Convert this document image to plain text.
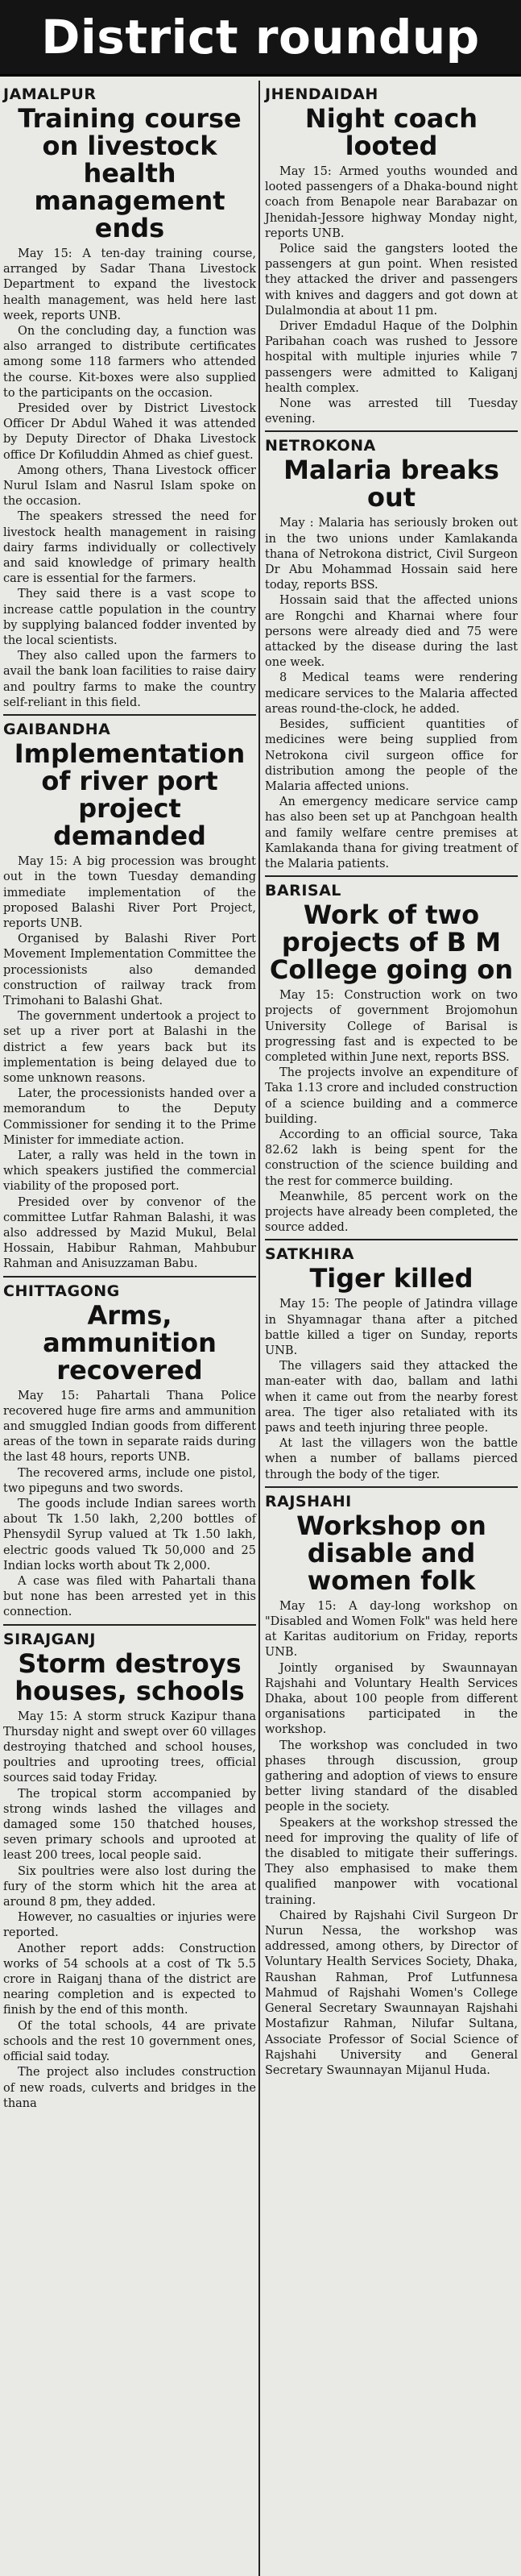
District roundup
JAMALPUR
Training course on livestock health management ends

May 15: A ten-day training course, arranged by Sadar Thana Livestock Department to expand the livestock health management, was held here last week, reports UNB.

On the concluding day, a function was also arranged to distribute certificates among some 118 farmers who attended the course. Kit-boxes were also supplied to the participants on the occasion.

Presided over by District Livestock Officer Dr Abdul Wahed it was attended by Deputy Director of Dhaka Livestock office Dr Kofiluddin Ahmed as chief guest.

Among others, Thana Livestock officer Nurul Islam and Nasrul Islam spoke on the occasion.

The speakers stressed the need for livestock health management in raising dairy farms individually or collectively and said knowledge of primary health care is essential for the farmers.

They said there is a vast scope to increase cattle population in the country by supplying balanced fodder invented by the local scientists.

They also called upon the farmers to avail the bank loan facilities to raise dairy and poultry farms to make the country self-reliant in this field.

GAIBANDHA
Implementation of river port project demanded

May 15: A big procession was brought out in the town Tuesday demanding immediate implementation of the proposed Balashi River Port Project, reports UNB.

Organised by Balashi River Port Movement Implementation Committee the processionists also demanded construction of railway track from Trimohani to Balashi Ghat.

The government undertook a project to set up a river port at Balashi in the district a few years back but its implementation is being delayed due to some unknown reasons.

Later, the processionists handed over a memorandum to the Deputy Commissioner for sending it to the Prime Minister for immediate action.

Later, a rally was held in the town in which speakers justified the commercial viability of the proposed port.

Presided over by convenor of the committee Lutfar Rahman Balashi, it was also addressed by Mazid Mukul, Belal Hossain, Habibur Rahman, Mahbubur Rahman and Anisuzzaman Babu.

CHITTAGONG
Arms, ammunition recovered

May 15: Pahartali Thana Police recovered huge fire arms and ammunition and smuggled Indian goods from different areas of the town in separate raids during the last 48 hours, reports UNB.

The recovered arms, include one pistol, two pipeguns and two swords.

The goods include Indian sarees worth about Tk 1.50 lakh, 2,200 bottles of Phensydil Syrup valued at Tk 1.50 lakh, electric goods valued Tk 50,000 and 25 Indian locks worth about Tk 2,000.

A case was filed with Pahartali thana but none has been arrested yet in this connection.

SIRAJGANJ
Storm destroys houses, schools

May 15: A storm struck Kazipur thana Thursday night and swept over 60 villages destroying thatched and school houses, poultries and uprooting trees, official sources said today Friday.

The tropical storm accompanied by strong winds lashed the villages and damaged some 150 thatched houses, seven primary schools and uprooted at least 200 trees, local people said.

Six poultries were also lost during the fury of the storm which hit the area at around 8 pm, they added.

However, no casualties or injuries were reported.

Another report adds: Construction works of 54 schools at a cost of Tk 5.5 crore in Raiganj thana of the district are nearing completion and is expected to finish by the end of this month.

Of the total schools, 44 are private schools and the rest 10 government ones, official said today.

The project also includes construction of new roads, culverts and bridges in the thana

JHENDAIDAH
Night coach looted

May 15: Armed youths wounded and looted passengers of a Dhaka-bound night coach from Benapole near Barabazar on Jhenidah-Jessore highway Monday night, reports UNB.

Police said the gangsters looted the passengers at gun point. When resisted they attacked the driver and passengers with knives and daggers and got down at Dulalmondia at about 11 pm.

Driver Emdadul Haque of the Dolphin Paribahan coach was rushed to Jessore hospital with multiple injuries while 7 passengers were admitted to Kaliganj health complex.

None was arrested till Tuesday evening.

NETROKONA
Malaria breaks out

May : Malaria has seriously broken out in the two unions under Kamlakanda thana of Netrokona district, Civil Surgeon Dr Abu Mohammad Hossain said here today, reports BSS.

Hossain said that the affected unions are Rongchi and Kharnai where four persons were already died and 75 were attacked by the disease during the last one week.

8 Medical teams were rendering medicare services to the Malaria affected areas round-the-clock, he added.

Besides, sufficient quantities of medicines were being supplied from Netrokona civil surgeon office for distribution among the people of the Malaria affected unions.

An emergency medicare service camp has also been set up at Panchgoan health and family welfare centre premises at Kamlakanda thana for giving treatment of the Malaria patients.

BARISAL
Work of two projects of B M College going on

May 15: Construction work on two projects of government Brojomohun University College of Barisal is progressing fast and is expected to be completed within June next, reports BSS.

The projects involve an expenditure of Taka 1.13 crore and included construction of a science building and a commerce building.

According to an official source, Taka 82.62 lakh is being spent for the construction of the science building and the rest for commerce building.

Meanwhile, 85 percent work on the projects have already been completed, the source added.

SATKHIRA
Tiger killed

May 15: The people of Jatindra village in Shyamnagar thana after a pitched battle killed a tiger on Sunday, reports UNB.

The villagers said they attacked the man-eater with dao, ballam and lathi when it came out from the nearby forest area. The tiger also retaliated with its paws and teeth injuring three people.

At last the villagers won the battle when a number of ballams pierced through the body of the tiger.

RAJSHAHI
Workshop on disable and women folk

May 15: A day-long workshop on "Disabled and Women Folk" was held here at Karitas auditorium on Friday, reports UNB.

Jointly organised by Swaunnayan Rajshahi and Voluntary Health Services Dhaka, about 100 people from different organisations participated in the workshop.

The workshop was concluded in two phases through discussion, group gathering and adoption of views to ensure better living standard of the disabled people in the society.

Speakers at the workshop stressed the need for improving the quality of life of the disabled to mitigate their sufferings. They also emphasised to make them qualified manpower with vocational training.

Chaired by Rajshahi Civil Surgeon Dr Nurun Nessa, the workshop was addressed, among others, by Director of Voluntary Health Services Society, Dhaka, Raushan Rahman, Prof Lutfunnesa Mahmud of Rajshahi Women's College General Secretary Swaunnayan Rajshahi Mostafizur Rahman, Nilufar Sultana, Associate Professor of Social Science of Rajshahi University and General Secretary Swaunnayan Mijanul Huda.
